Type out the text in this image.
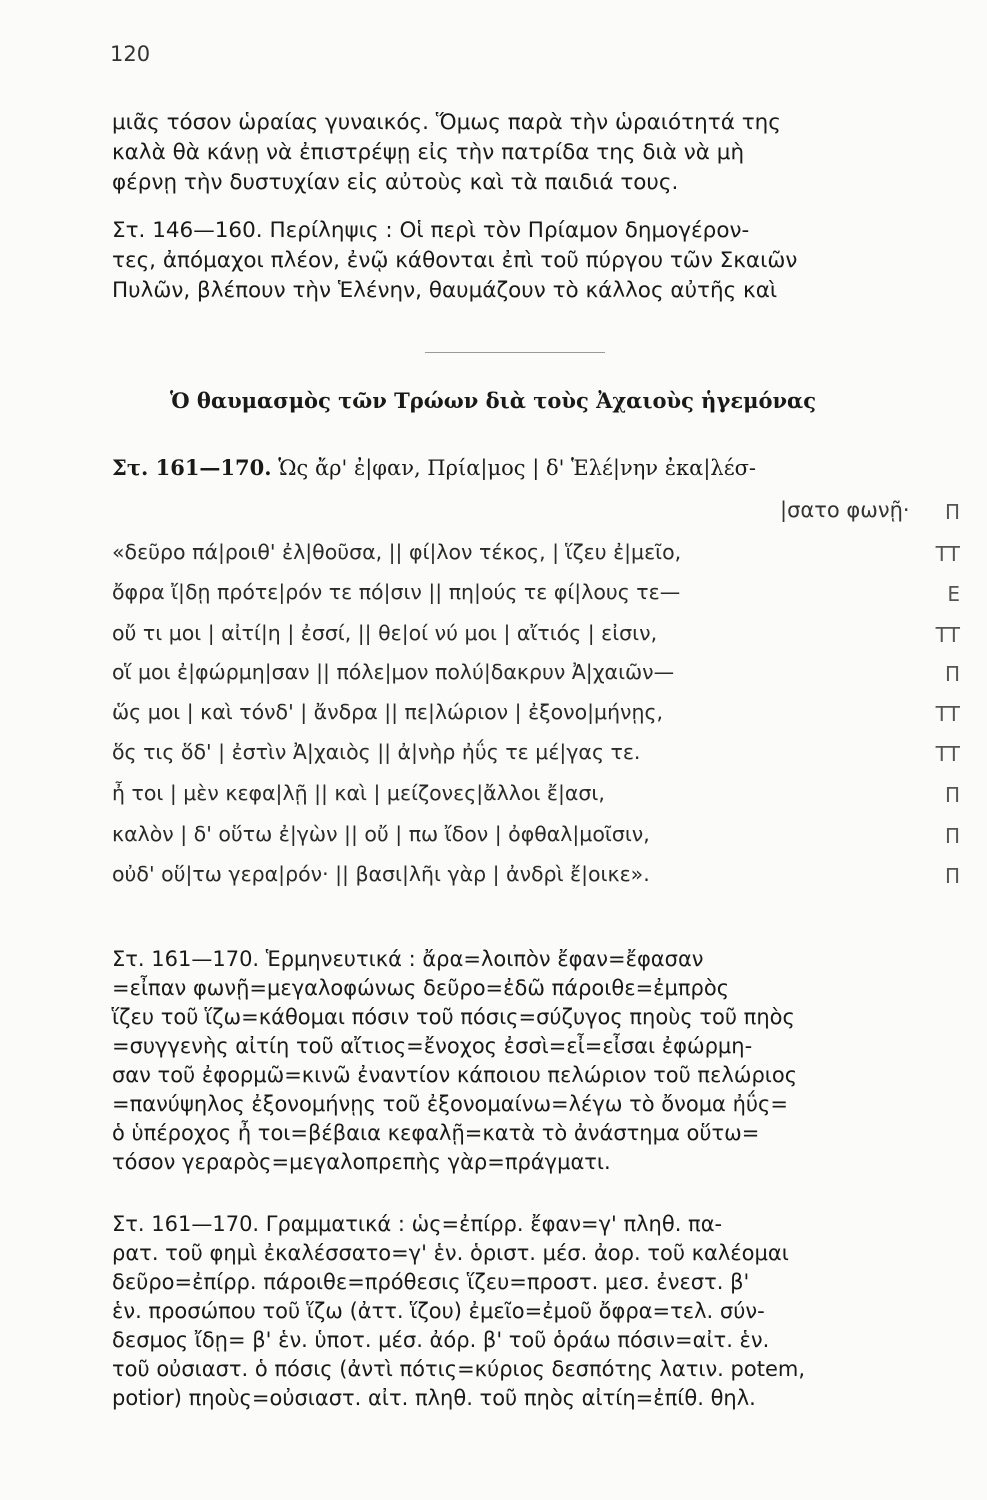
120
μιᾶς τόσον ὡραίας γυναικός. Ὅμως παρὰ τὴν ὡραιότητά της
καλὰ θὰ κάνῃ νὰ ἐπιστρέψῃ εἰς τὴν πατρίδα της διὰ νὰ μὴ
φέρνῃ τὴν δυστυχίαν εἰς αὐτοὺς καὶ τὰ παιδιά τους.
Στ. 146—160. Περίληψις : Οἱ περὶ τὸν Πρίαμον δημογέρον-
τες, ἀπόμαχοι πλέον, ἐνῷ κάθονται ἐπὶ τοῦ πύργου τῶν Σκαιῶν
Πυλῶν, βλέπουν τὴν Ἑλένην, θαυμάζουν τὸ κάλλος αὐτῆς καὶ
Ὁ θαυμασμὸς τῶν Τρώων διὰ τοὺς Ἀχαιοὺς ἡγεμόνας
Στ. 161—170. Ὡς ἄρ' ἐ|φαν, Πρία|μος | δ' Ἑλέ|νην ἐκα|λέσ-
|σατο φωνῇ·	Π
«δεῦρο πά|ροιθ' ἐλ|θοῦσα, || φί|λον τέκος, | ἵζευ ἐ|μεῖο,	ΤΤ
ὄφρα ἴ|δῃ πρότε|ρόν τε πό|σιν || πη|ούς τε φί|λους τε—	Ε
οὔ τι μοι | αἰτί|η | ἐσσί, || θε|οί νύ μοι | αἴτιός | εἰσιν,	ΤΤ
οἵ μοι ἐ|φώρμη|σαν || πόλε|μον πολύ|δακρυν Ἀ|χαιῶν—	Π
ὥς μοι | καὶ τόνδ' | ἄνδρα || πε|λώριον | ἐξονο|μήνῃς,	ΤΤ
ὅς τις ὅδ' | ἐστὶν Ἀ|χαιὸς || ἀ|νὴρ ἠΰς τε μέ|γας τε.	ΤΤ
ἦ τοι | μὲν κεφα|λῇ || καὶ | μείζονες|ἄλλοι ἔ|ασι,	Π
καλὸν | δ' οὕτω ἐ|γὼν || οὔ | πω ἴδον | ὀφθαλ|μοῖσιν,	Π
οὐδ' οὕ|τω γερα|ρόν· || βασι|λῆι γὰρ | ἀνδρὶ ἔ|οικε».	Π
Στ. 161—170. Ἑρμηνευτικά : ἄρα=λοιπὸν ἔφαν=ἔφασαν
=εἶπαν φωνῇ=μεγαλοφώνως δεῦρο=ἐδῶ πάροιθε=ἐμπρὸς
ἵζευ τοῦ ἵζω=κάθομαι πόσιν τοῦ πόσις=σύζυγος πηοὺς τοῦ πηὸς
=συγγενὴς αἰτίη τοῦ αἴτιος=ἔνοχος ἐσσὶ=εἶ=εἶσαι ἐφώρμη-
σαν τοῦ ἐφορμῶ=κινῶ ἐναντίον κάποιου πελώριον τοῦ πελώριος
=πανύψηλος ἐξονομήνῃς τοῦ ἐξονομαίνω=λέγω τὸ ὄνομα ἠΰς=
ὁ ὑπέροχος ἦ τοι=βέβαια κεφαλῇ=κατὰ τὸ ἀνάστημα οὕτω=
τόσον γεραρὸς=μεγαλοπρεπὴς γὰρ=πράγματι.
Στ. 161—170. Γραμματικά : ὡς=ἐπίρρ. ἔφαν=γ' πληθ. πα-
ρατ. τοῦ φημὶ ἐκαλέσσατο=γ' ἑν. ὁριστ. μέσ. ἀορ. τοῦ καλέομαι
δεῦρο=ἐπίρρ. πάροιθε=πρόθεσις ἵζευ=προστ. μεσ. ἐνεστ. β'
ἑν. προσώπου τοῦ ἵζω (ἀττ. ἵζου) ἐμεῖο=ἐμοῦ ὄφρα=τελ. σύν-
δεσμος ἴδῃ= β' ἑν. ὑποτ. μέσ. ἀόρ. β' τοῦ ὁράω πόσιν=αἰτ. ἑν.
τοῦ οὐσιαστ. ὁ πόσις (ἀντὶ πότις=κύριος δεσπότης λατιν. potem,
potior) πηοὺς=οὐσιαστ. αἰτ. πληθ. τοῦ πηὸς αἰτίη=ἐπίθ. θηλ.
